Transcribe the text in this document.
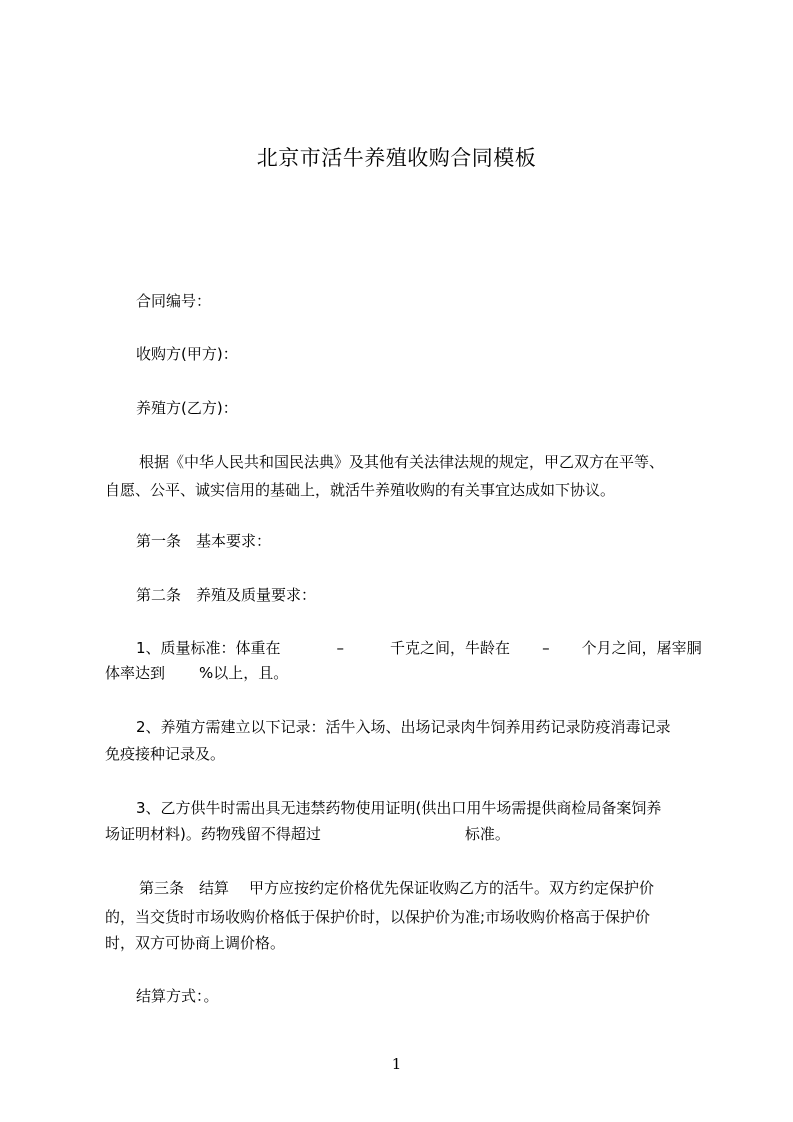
北京市活牛养殖收购合同模板
合同编号：
收购方(甲方)：
养殖方(乙方)：
根据《中华人民共和国民法典》及其他有关法律法规的规定，甲乙双方在平等、
自愿、公平、诚实信用的基础上，就活牛养殖收购的有关事宜达成如下协议。
第一条　基本要求：
第二条　养殖及质量要求：
1、质量标准：体重在	–	千克之间，牛龄在 – 个月之间，屠宰胴
体率达到 %以上，且。
2、养殖方需建立以下记录：活牛入场、出场记录肉牛饲养用药记录防疫消毒记录
免疫接种记录及。
3、乙方供牛时需出具无违禁药物使用证明(供出口用牛场需提供商检局备案饲养
场证明材料)。药物残留不得超过	标准。
第三条　结算 甲方应按约定价格优先保证收购乙方的活牛。双方约定保护价
的，当交货时市场收购价格低于保护价时，以保护价为准;市场收购价格高于保护价
时，双方可协商上调价格。
结算方式：。
1
